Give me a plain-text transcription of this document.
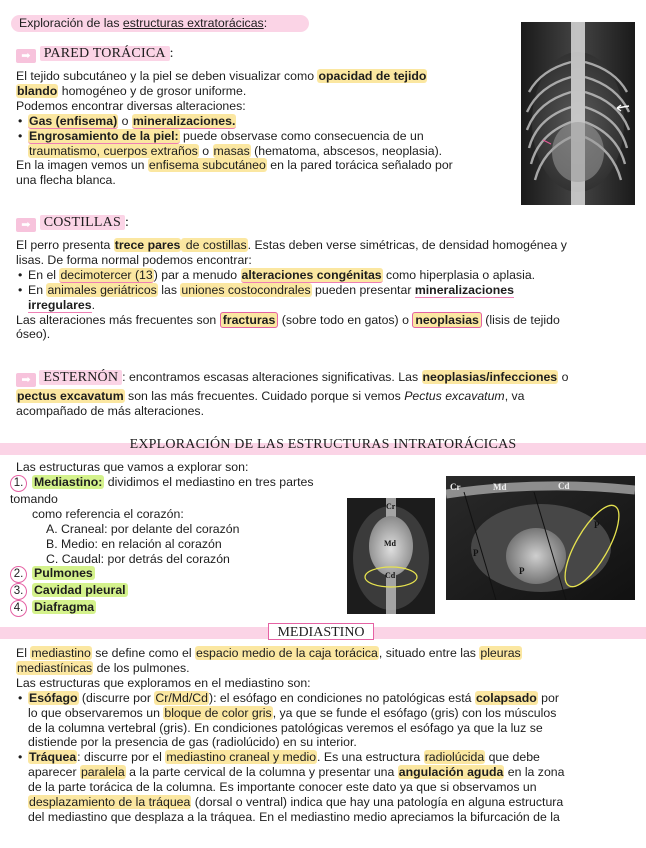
Exploración de las estructuras extratorácicas:

➡ PARED TORÁCICA :

El tejido subcutáneo y la piel se deben visualizar como opacidad de tejido

blando homogéneo y de grosor uniforme.

Podemos encontrar diversas alteraciones:

• Gas (enfisema) o mineralizaciones.

• Engrosamiento de la piel: puede observase como consecuencia de un

traumatismo, cuerpos extraños o masas (hematoma, abscesos, neoplasia).

En la imagen vemos un enfisema subcutáneo en la pared torácica señalado por

una flecha blanca.

➡ COSTILLAS :

El perro presenta trece pares de costillas. Estas deben verse simétricas, de densidad homogénea y

lisas. De forma normal podemos encontrar:

• En el decimotercer (13) par a menudo alteraciones congénitas como hiperplasia o aplasia.

• En animales geriátricos las uniones costocondrales pueden presentar mineralizaciones

irregulares.

Las alteraciones más frecuentes son fracturas (sobre todo en gatos) o neoplasias (lisis de tejido

óseo).

➡ ESTERNÓN : encontramos escasas alteraciones significativas. Las neoplasias/infecciones o

pectus excavatum son las más frecuentes. Cuidado porque si vemos Pectus excavatum, va

acompañado de más alteraciones.

EXPLORACIÓN DE LAS ESTRUCTURAS INTRATORÁCICAS

Las estructuras que vamos a explorar son:

1. Mediastino: dividimos el mediastino en tres partes tomando

como referencia el corazón:

A. Craneal: por delante del corazón

B. Medio: en relación al corazón

C. Caudal: por detrás del corazón

2. Pulmones

3. Cavidad pleural

4. Diafragma

Cr
Md
Cd
Cr	Md	Cd
P
P
P
MEDIASTINO

El mediastino se define como el espacio medio de la caja torácica, situado entre las pleuras

mediastínicas de los pulmones.

Las estructuras que exploramos en el mediastino son:

• Esófago (discurre por Cr/Md/Cd): el esófago en condiciones no patológicas está colapsado por

lo que observaremos un bloque de color gris, ya que se funde el esófago (gris) con los músculos

de la columna vertebral (gris). En condiciones patológicas veremos el esófago ya que la luz se

distiende por la presencia de gas (radiolúcido) en su interior.

• Tráquea: discurre por el mediastino craneal y medio. Es una estructura radiolúcida que debe

aparecer paralela a la parte cervical de la columna y presentar una angulación aguda en la zona

de la parte torácica de la columna. Es importante conocer este dato ya que si observamos un

desplazamiento de la tráquea (dorsal o ventral) indica que hay una patología en alguna estructura

del mediastino que desplaza a la tráquea. En el mediastino medio apreciamos la bifurcación de la
